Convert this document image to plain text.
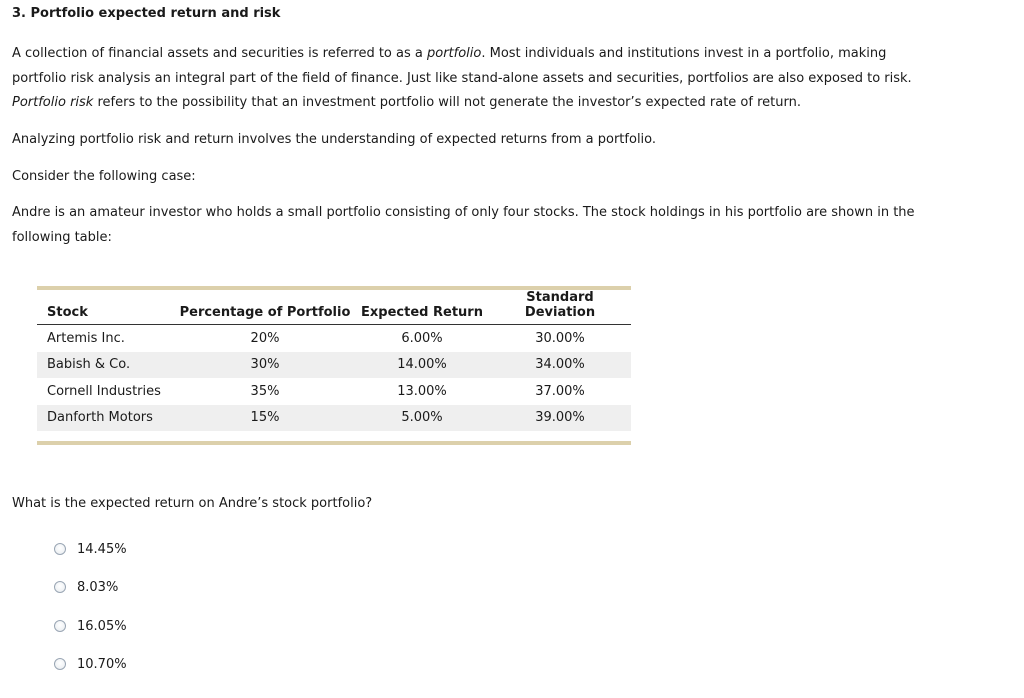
3. Portfolio expected return and risk
A collection of financial assets and securities is referred to as a portfolio. Most individuals and institutions invest in a portfolio, making portfolio risk analysis an integral part of the field of finance. Just like stand-alone assets and securities, portfolios are also exposed to risk. Portfolio risk refers to the possibility that an investment portfolio will not generate the investor’s expected rate of return.
Analyzing portfolio risk and return involves the understanding of expected returns from a portfolio.
Consider the following case:
Andre is an amateur investor who holds a small portfolio consisting of only four stocks. The stock holdings in his portfolio are shown in the following table:
Stock	Percentage of Portfolio	Expected Return	Standard Deviation
Artemis Inc.	20%	6.00%	30.00%
Babish & Co.	30%	14.00%	34.00%
Cornell Industries	35%	13.00%	37.00%
Danforth Motors	15%	5.00%	39.00%
What is the expected return on Andre’s stock portfolio?
14.45%
8.03%
16.05%
10.70%
